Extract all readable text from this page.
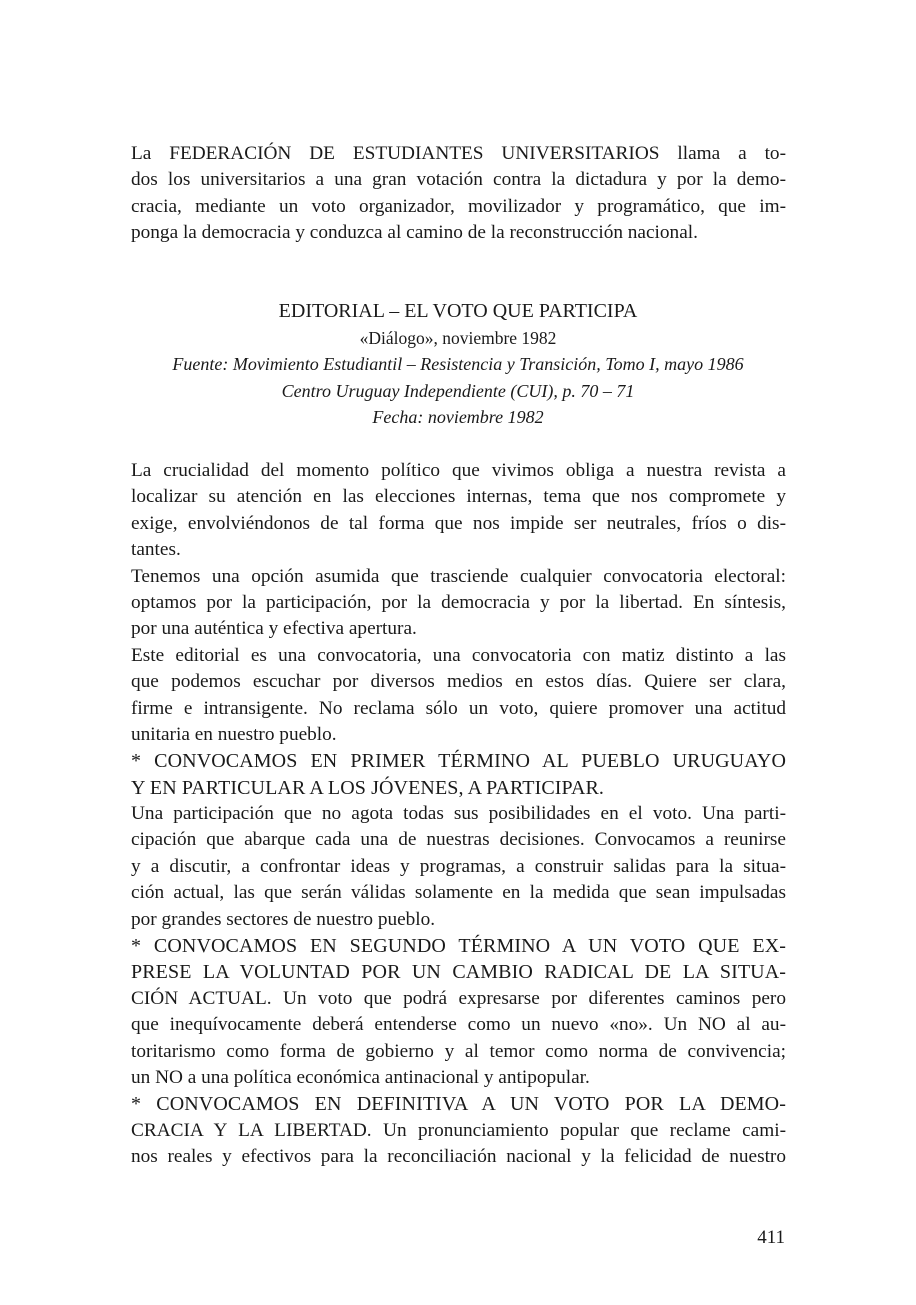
La FEDERACIÓN DE ESTUDIANTES UNIVERSITARIOS llama a to-
dos los universitarios a una gran votación contra la dictadura y por la demo-
cracia, mediante un voto organizador, movilizador y programático, que im-
ponga la democracia y conduzca al camino de la reconstrucción nacional.
EDITORIAL – EL VOTO QUE PARTICIPA
«Diálogo», noviembre 1982
Fuente: Movimiento Estudiantil – Resistencia y Transición, Tomo I, mayo 1986
Centro Uruguay Independiente (CUI), p. 70 – 71
Fecha: noviembre 1982
La crucialidad del momento político que vivimos obliga a nuestra revista a
localizar su atención en las elecciones internas, tema que nos compromete y
exige, envolviéndonos de tal forma que nos impide ser neutrales, fríos o dis-
tantes.
Tenemos una opción asumida que trasciende cualquier convocatoria electoral:
optamos por la participación, por la democracia y por la libertad. En síntesis,
por una auténtica y efectiva apertura.
Este editorial es una convocatoria, una convocatoria con matiz distinto a las
que podemos escuchar por diversos medios en estos días. Quiere ser clara,
firme e intransigente. No reclama sólo un voto, quiere promover una actitud
unitaria en nuestro pueblo.
* CONVOCAMOS EN PRIMER TÉRMINO AL PUEBLO URUGUAYO
Y EN PARTICULAR A LOS JÓVENES, A PARTICIPAR.
Una participación que no agota todas sus posibilidades en el voto. Una parti-
cipación que abarque cada una de nuestras decisiones. Convocamos a reunirse
y a discutir, a confrontar ideas y programas, a construir salidas para la situa-
ción actual, las que serán válidas solamente en la medida que sean impulsadas
por grandes sectores de nuestro pueblo.
* CONVOCAMOS EN SEGUNDO TÉRMINO A UN VOTO QUE EX-
PRESE LA VOLUNTAD POR UN CAMBIO RADICAL DE LA SITUA-
CIÓN ACTUAL. Un voto que podrá expresarse por diferentes caminos pero
que inequívocamente deberá entenderse como un nuevo «no». Un NO al au-
toritarismo como forma de gobierno y al temor como norma de convivencia;
un NO a una política económica antinacional y antipopular.
* CONVOCAMOS EN DEFINITIVA A UN VOTO POR LA DEMO-
CRACIA Y LA LIBERTAD. Un pronunciamiento popular que reclame cami-
nos reales y efectivos para la reconciliación nacional y la felicidad de nuestro
411
